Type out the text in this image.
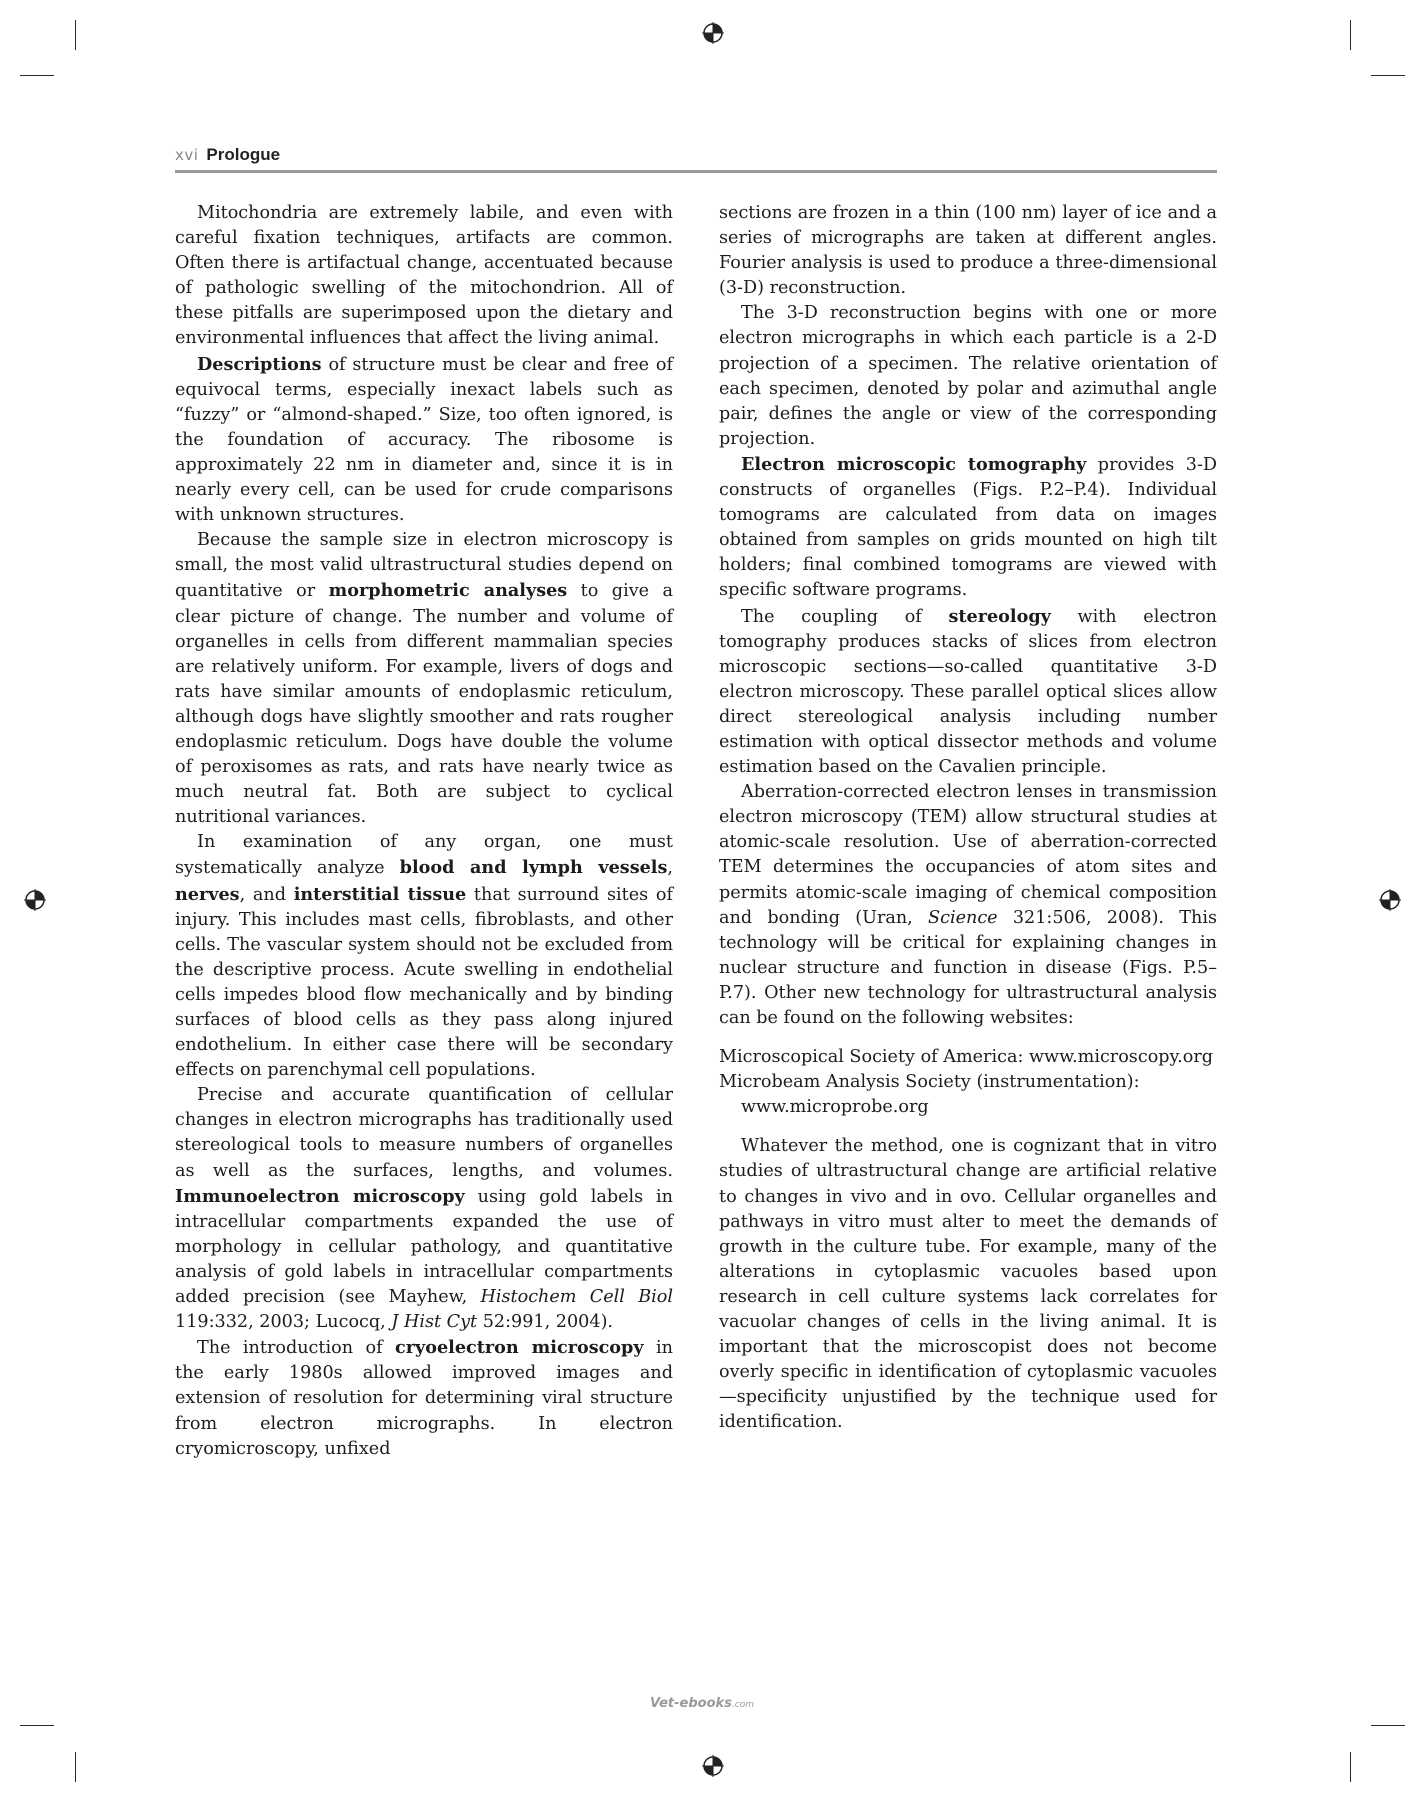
xvi Prologue

Mitochondria are extremely labile, and even with careful fixation techniques, artifacts are common. Often there is artifactual change, accentuated because of pathologic swelling of the mitochondrion. All of these pitfalls are superimposed upon the dietary and environmental influences that affect the living animal.

Descriptions of structure must be clear and free of equivocal terms, especially inexact labels such as “fuzzy” or “almond-shaped.” Size, too often ignored, is the foundation of accuracy. The ribosome is approximately 22 nm in diameter and, since it is in nearly every cell, can be used for crude comparisons with unknown structures.

Because the sample size in electron microscopy is small, the most valid ultrastructural studies depend on quantitative or morphometric analyses to give a clear picture of change. The number and volume of organelles in cells from different mammalian species are relatively uniform. For example, livers of dogs and rats have similar amounts of endoplasmic reticulum, although dogs have slightly smoother and rats rougher endoplasmic reticulum. Dogs have double the volume of peroxisomes as rats, and rats have nearly twice as much neutral fat. Both are subject to cyclical nutritional variances.

In examination of any organ, one must systematically analyze blood and lymph vessels, nerves, and interstitial tissue that surround sites of injury. This includes mast cells, fibroblasts, and other cells. The vascular system should not be excluded from the descriptive process. Acute swelling in endothelial cells impedes blood flow mechanically and by binding surfaces of blood cells as they pass along injured endothelium. In either case there will be secondary effects on parenchymal cell populations.

Precise and accurate quantification of cellular changes in electron micrographs has traditionally used stereological tools to measure numbers of organelles as well as the surfaces, lengths, and volumes. Immunoelectron microscopy using gold labels in intracellular compartments expanded the use of morphology in cellular pathology, and quantitative analysis of gold labels in intracellular compartments added precision (see Mayhew, Histochem Cell Biol 119:332, 2003; Lucocq, J Hist Cyt 52:991, 2004).

The introduction of cryoelectron microscopy in the early 1980s allowed improved images and extension of resolution for determining viral structure from electron micrographs. In electron cryomicroscopy, unfixed

sections are frozen in a thin (100 nm) layer of ice and a series of micrographs are taken at different angles. Fourier analysis is used to produce a three-dimensional (3-D) reconstruction.

The 3-D reconstruction begins with one or more electron micrographs in which each particle is a 2-D projection of a specimen. The relative orientation of each specimen, denoted by polar and azimuthal angle pair, defines the angle or view of the corresponding projection.

Electron microscopic tomography provides 3-D constructs of organelles (Figs. P.2–P.4). Individual tomograms are calculated from data on images obtained from samples on grids mounted on high tilt holders; final combined tomograms are viewed with specific software programs.

The coupling of stereology with electron tomography produces stacks of slices from electron microscopic sections—so-called quantitative 3-D electron microscopy. These parallel optical slices allow direct stereological analysis including number estimation with optical dissector methods and volume estimation based on the Cavalien principle.

Aberration-corrected electron lenses in transmission electron microscopy (TEM) allow structural studies at atomic-scale resolution. Use of aberration-corrected TEM determines the occupancies of atom sites and permits atomic-scale imaging of chemical composition and bonding (Uran, Science 321:506, 2008). This technology will be critical for explaining changes in nuclear structure and function in disease (Figs. P.5–P.7). Other new technology for ultrastructural analysis can be found on the following websites:

Microscopical Society of America: www.microscopy.org

Microbeam Analysis Society (instrumentation): www.microprobe.org

Whatever the method, one is cognizant that in vitro studies of ultrastructural change are artificial relative to changes in vivo and in ovo. Cellular organelles and pathways in vitro must alter to meet the demands of growth in the culture tube. For example, many of the alterations in cytoplasmic vacuoles based upon research in cell culture systems lack correlates for vacuolar changes of cells in the living animal. It is important that the microscopist does not become overly specific in identification of cytoplasmic vacuoles—specificity unjustified by the technique used for identification.

Vet-ebooks.com
